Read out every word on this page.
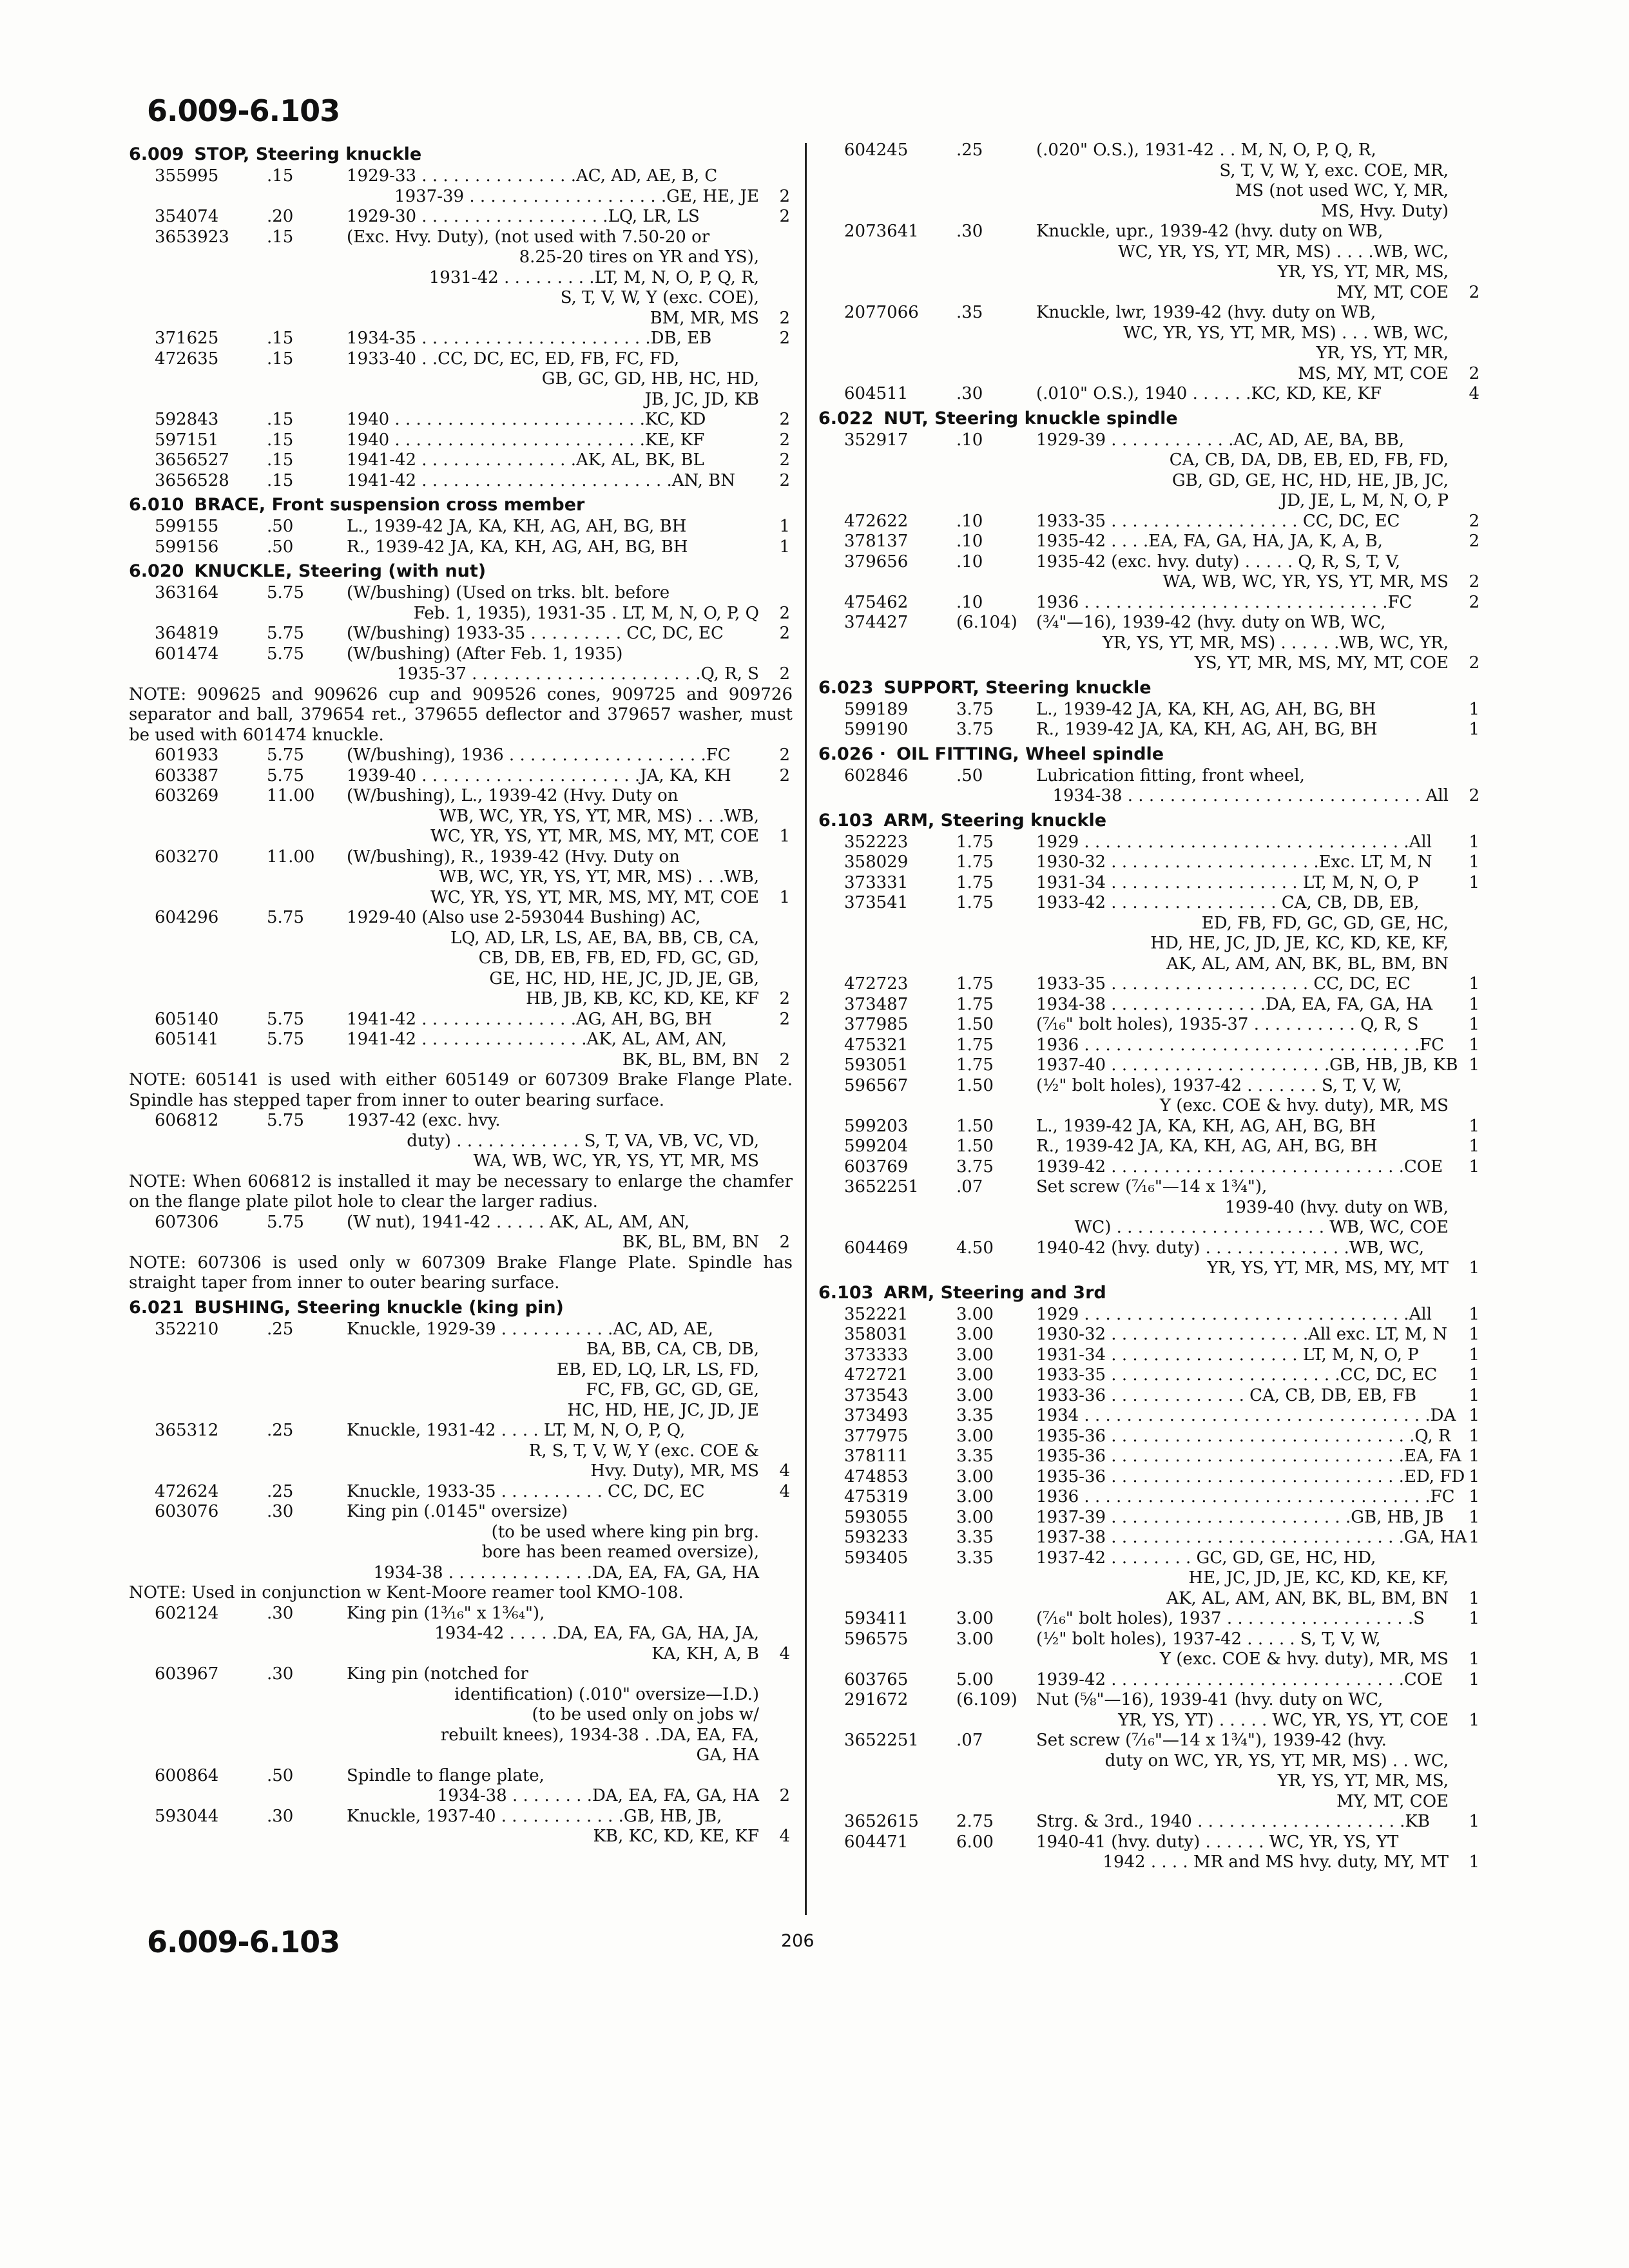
6.009-6.103
6.009-6.103	206
6.009 STOP, Steering knuckle
355995	.15	1929-33 . . . . . . . . . . . . . . .AC, AD, AE, B, C
1937-39 . . . . . . . . . . . . . . . . . . .GE, HE, JE 2
354074	.20	1929-30 . . . . . . . . . . . . . . . . . .LQ, LR, LS	2
3653923 .15	(Exc. Hvy. Duty), (not used with 7.50-20 or
8.25-20 tires on YR and YS),
1931-42 . . . . . . . . .LT, M, N, O, P, Q, R,
S, T, V, W, Y (exc. COE),
BM, MR, MS 2
371625	.15	1934-35 . . . . . . . . . . . . . . . . . . . . . .DB, EB	2
472635	.15	1933-40 . .CC, DC, EC, ED, FB, FC, FD,
GB, GC, GD, HB, HC, HD,
JB, JC, JD, KB
592843	.15	1940 . . . . . . . . . . . . . . . . . . . . . . . .KC, KD	2
597151	.15	1940 . . . . . . . . . . . . . . . . . . . . . . . .KE, KF	2
3656527 .15	1941-42 . . . . . . . . . . . . . . .AK, AL, BK, BL	2
3656528 .15	1941-42 . . . . . . . . . . . . . . . . . . . . . . . .AN, BN	2
6.010 BRACE, Front suspension cross member
599155	.50	L., 1939-42 JA, KA, KH, AG, AH, BG, BH	1
599156	.50	R., 1939-42 JA, KA, KH, AG, AH, BG, BH	1
6.020 KNUCKLE, Steering (with nut)
363164	5.75	(W/bushing) (Used on trks. blt. before
Feb. 1, 1935), 1931-35 . LT, M, N, O, P, Q 2
364819	5.75	(W/bushing) 1933-35 . . . . . . . . . CC, DC, EC	2
601474	5.75	(W/bushing) (After Feb. 1, 1935)
1935-37 . . . . . . . . . . . . . . . . . . . . . .Q, R, S 2
NOTE: 909625 and 909626 cup and 909526 cones, 909725 and 909726 separator and ball, 379654 ret., 379655 deflector and 379657 washer, must be used with 601474 knuckle.
601933	5.75	(W/bushing), 1936 . . . . . . . . . . . . . . . . . . .FC	2
603387	5.75	1939-40 . . . . . . . . . . . . . . . . . . . . .JA, KA, KH	2
603269	11.00 (W/bushing), L., 1939-42 (Hvy. Duty on
WB, WC, YR, YS, YT, MR, MS) . . .WB,
WC, YR, YS, YT, MR, MS, MY, MT, COE 1
603270	11.00 (W/bushing), R., 1939-42 (Hvy. Duty on
WB, WC, YR, YS, YT, MR, MS) . . .WB,
WC, YR, YS, YT, MR, MS, MY, MT, COE 1
604296	5.75	1929-40 (Also use 2-593044 Bushing) AC,
LQ, AD, LR, LS, AE, BA, BB, CB, CA,
CB, DB, EB, FB, ED, FD, GC, GD,
GE, HC, HD, HE, JC, JD, JE, GB,
HB, JB, KB, KC, KD, KE, KF 2
605140	5.75	1941-42 . . . . . . . . . . . . . . .AG, AH, BG, BH	2
605141	5.75	1941-42 . . . . . . . . . . . . . . . .AK, AL, AM, AN,
BK, BL, BM, BN 2
NOTE: 605141 is used with either 605149 or 607309 Brake Flange Plate. Spindle has stepped taper from inner to outer bearing surface.
606812	5.75	1937-42 (exc. hvy.
duty) . . . . . . . . . . . . S, T, VA, VB, VC, VD,
WA, WB, WC, YR, YS, YT, MR, MS
NOTE: When 606812 is installed it may be necessary to enlarge the chamfer on the flange plate pilot hole to clear the larger radius.
607306	5.75	(W nut), 1941-42 . . . . . AK, AL, AM, AN,
BK, BL, BM, BN 2
NOTE: 607306 is used only w 607309 Brake Flange Plate. Spindle has straight taper from inner to outer bearing surface.
6.021 BUSHING, Steering knuckle (king pin)
352210	.25	Knuckle, 1929-39 . . . . . . . . . . .AC, AD, AE,
BA, BB, CA, CB, DB,
EB, ED, LQ, LR, LS, FD,
FC, FB, GC, GD, GE,
HC, HD, HE, JC, JD, JE
365312	.25	Knuckle, 1931-42 . . . . LT, M, N, O, P, Q,
R, S, T, V, W, Y (exc. COE &
Hvy. Duty), MR, MS 4
472624	.25	Knuckle, 1933-35 . . . . . . . . . . CC, DC, EC	4
603076	.30	King pin (.0145" oversize)
(to be used where king pin brg.
bore has been reamed oversize),
1934-38 . . . . . . . . . . . . . .DA, EA, FA, GA, HA
NOTE: Used in conjunction w Kent-Moore reamer tool KMO-108.
602124	.30	King pin (1³⁄₁₆" x 1³⁄₆₄"),
1934-42 . . . . .DA, EA, FA, GA, HA, JA,
KA, KH, A, B 4
603967	.30	King pin (notched for
identification) (.010" oversize—I.D.)
(to be used only on jobs w/
rebuilt knees), 1934-38 . .DA, EA, FA,
GA, HA
600864	.50	Spindle to flange plate,
1934-38 . . . . . . . .DA, EA, FA, GA, HA 2
593044	.30	Knuckle, 1937-40 . . . . . . . . . . . .GB, HB, JB,
KB, KC, KD, KE, KF 4
604245	.25	(.020" O.S.), 1931-42 . . M, N, O, P, Q, R,
S, T, V, W, Y, exc. COE, MR,
MS (not used WC, Y, MR,
MS, Hvy. Duty)
2073641 .30	Knuckle, upr., 1939-42 (hvy. duty on WB,
WC, YR, YS, YT, MR, MS) . . . .WB, WC,
YR, YS, YT, MR, MS,
MY, MT, COE 2
2077066 .35	Knuckle, lwr, 1939-42 (hvy. duty on WB,
WC, YR, YS, YT, MR, MS) . . . WB, WC,
YR, YS, YT, MR,
MS, MY, MT, COE 2
604511	.30	(.010" O.S.), 1940 . . . . . .KC, KD, KE, KF	4
6.022 NUT, Steering knuckle spindle
352917	.10	1929-39 . . . . . . . . . . . .AC, AD, AE, BA, BB,
CA, CB, DA, DB, EB, ED, FB, FD,
GB, GD, GE, HC, HD, HE, JB, JC,
JD, JE, L, M, N, O, P
472622	.10	1933-35 . . . . . . . . . . . . . . . . . . CC, DC, EC	2
378137	.10	1935-42 . . . .EA, FA, GA, HA, JA, K, A, B,	2
379656	.10	1935-42 (exc. hvy. duty) . . . . . Q, R, S, T, V,
WA, WB, WC, YR, YS, YT, MR, MS 2
475462	.10	1936 . . . . . . . . . . . . . . . . . . . . . . . . . . . . .FC	2
374427	(6.104) (¾"—16), 1939-42 (hvy. duty on WB, WC,
YR, YS, YT, MR, MS) . . . . . .WB, WC, YR,
YS, YT, MR, MS, MY, MT, COE 2
6.023 SUPPORT, Steering knuckle
599189	3.75	L., 1939-42 JA, KA, KH, AG, AH, BG, BH	1
599190	3.75	R., 1939-42 JA, KA, KH, AG, AH, BG, BH	1
6.026 · OIL FITTING, Wheel spindle
602846	.50	Lubrication fitting, front wheel,
1934-38 . . . . . . . . . . . . . . . . . . . . . . . . . . . . All 2
6.103 ARM, Steering knuckle
352223	1.75	1929 . . . . . . . . . . . . . . . . . . . . . . . . . . . . . . .All	1
358029	1.75	1930-32 . . . . . . . . . . . . . . . . . . . .Exc. LT, M, N	1
373331	1.75	1931-34 . . . . . . . . . . . . . . . . . . LT, M, N, O, P	1
373541	1.75	1933-42 . . . . . . . . . . . . . . . . CA, CB, DB, EB,
ED, FB, FD, GC, GD, GE, HC,
HD, HE, JC, JD, JE, KC, KD, KE, KF,
AK, AL, AM, AN, BK, BL, BM, BN
472723	1.75	1933-35 . . . . . . . . . . . . . . . . . . . CC, DC, EC	1
373487	1.75	1934-38 . . . . . . . . . . . . . . .DA, EA, FA, GA, HA	1
377985	1.50	(⁷⁄₁₆" bolt holes), 1935-37 . . . . . . . . . . Q, R, S	1
475321	1.75	1936 . . . . . . . . . . . . . . . . . . . . . . . . . . . . . . . .FC 1
593051	1.75	1937-40 . . . . . . . . . . . . . . . . . . . . .GB, HB, JB, KB 1
596567	1.50	(½" bolt holes), 1937-42 . . . . . . . S, T, V, W,
Y (exc. COE & hvy. duty), MR, MS
599203	1.50	L., 1939-42 JA, KA, KH, AG, AH, BG, BH	1
599204	1.50	R., 1939-42 JA, KA, KH, AG, AH, BG, BH	1
603769	3.75	1939-42 . . . . . . . . . . . . . . . . . . . . . . . . . . . .COE	1
3652251 .07	Set screw (⁷⁄₁₆"—14 x 1¾"),
1939-40 (hvy. duty on WB,
WC) . . . . . . . . . . . . . . . . . . . . WB, WC, COE
604469	4.50	1940-42 (hvy. duty) . . . . . . . . . . . . . .WB, WC,
YR, YS, YT, MR, MS, MY, MT 1
6.103 ARM, Steering and 3rd
352221	3.00	1929 . . . . . . . . . . . . . . . . . . . . . . . . . . . . . . .All	1
358031	3.00	1930-32 . . . . . . . . . . . . . . . . . . .All exc. LT, M, N 1
373333	3.00	1931-34 . . . . . . . . . . . . . . . . . . LT, M, N, O, P	1
472721	3.00	1933-35 . . . . . . . . . . . . . . . . . . . . . .CC, DC, EC	1
373543	3.00	1933-36 . . . . . . . . . . . . . CA, CB, DB, EB, FB	1
373493	3.35	1934 . . . . . . . . . . . . . . . . . . . . . . . . . . . . . . . . .DA 1
377975	3.00	1935-36 . . . . . . . . . . . . . . . . . . . . . . . . . . . . .Q, R 1
378111	3.35	1935-36 . . . . . . . . . . . . . . . . . . . . . . . . . . . .EA, FA 1
474853	3.00	1935-36 . . . . . . . . . . . . . . . . . . . . . . . . . . . .ED, FD 1
475319	3.00	1936 . . . . . . . . . . . . . . . . . . . . . . . . . . . . . . . . .FC 1
593055	3.00	1937-39 . . . . . . . . . . . . . . . . . . . . . . .GB, HB, JB 1
593233	3.35	1937-38 . . . . . . . . . . . . . . . . . . . . . . . . . . . .GA, HA 1
593405	3.35	1937-42 . . . . . . . . GC, GD, GE, HC, HD,
HE, JC, JD, JE, KC, KD, KE, KF,
AK, AL, AM, AN, BK, BL, BM, BN 1
593411	3.00	(⁷⁄₁₆" bolt holes), 1937 . . . . . . . . . . . . . . . . . .S	1
596575	3.00	(½" bolt holes), 1937-42 . . . . . S, T, V, W,
Y (exc. COE & hvy. duty), MR, MS 1
603765	5.00	1939-42 . . . . . . . . . . . . . . . . . . . . . . . . . . . .COE	1
291672	(6.109) Nut (⅝"—16), 1939-41 (hvy. duty on WC,
YR, YS, YT) . . . . . WC, YR, YS, YT, COE 1
3652251 .07	Set screw (⁷⁄₁₆"—14 x 1¾"), 1939-42 (hvy.
duty on WC, YR, YS, YT, MR, MS) . . WC,
YR, YS, YT, MR, MS,
MY, MT, COE
3652615 2.75	Strg. & 3rd., 1940 . . . . . . . . . . . . . . . . . . . .KB	1
604471	6.00	1940-41 (hvy. duty) . . . . . . WC, YR, YS, YT
1942 . . . . MR and MS hvy. duty, MY, MT 1
